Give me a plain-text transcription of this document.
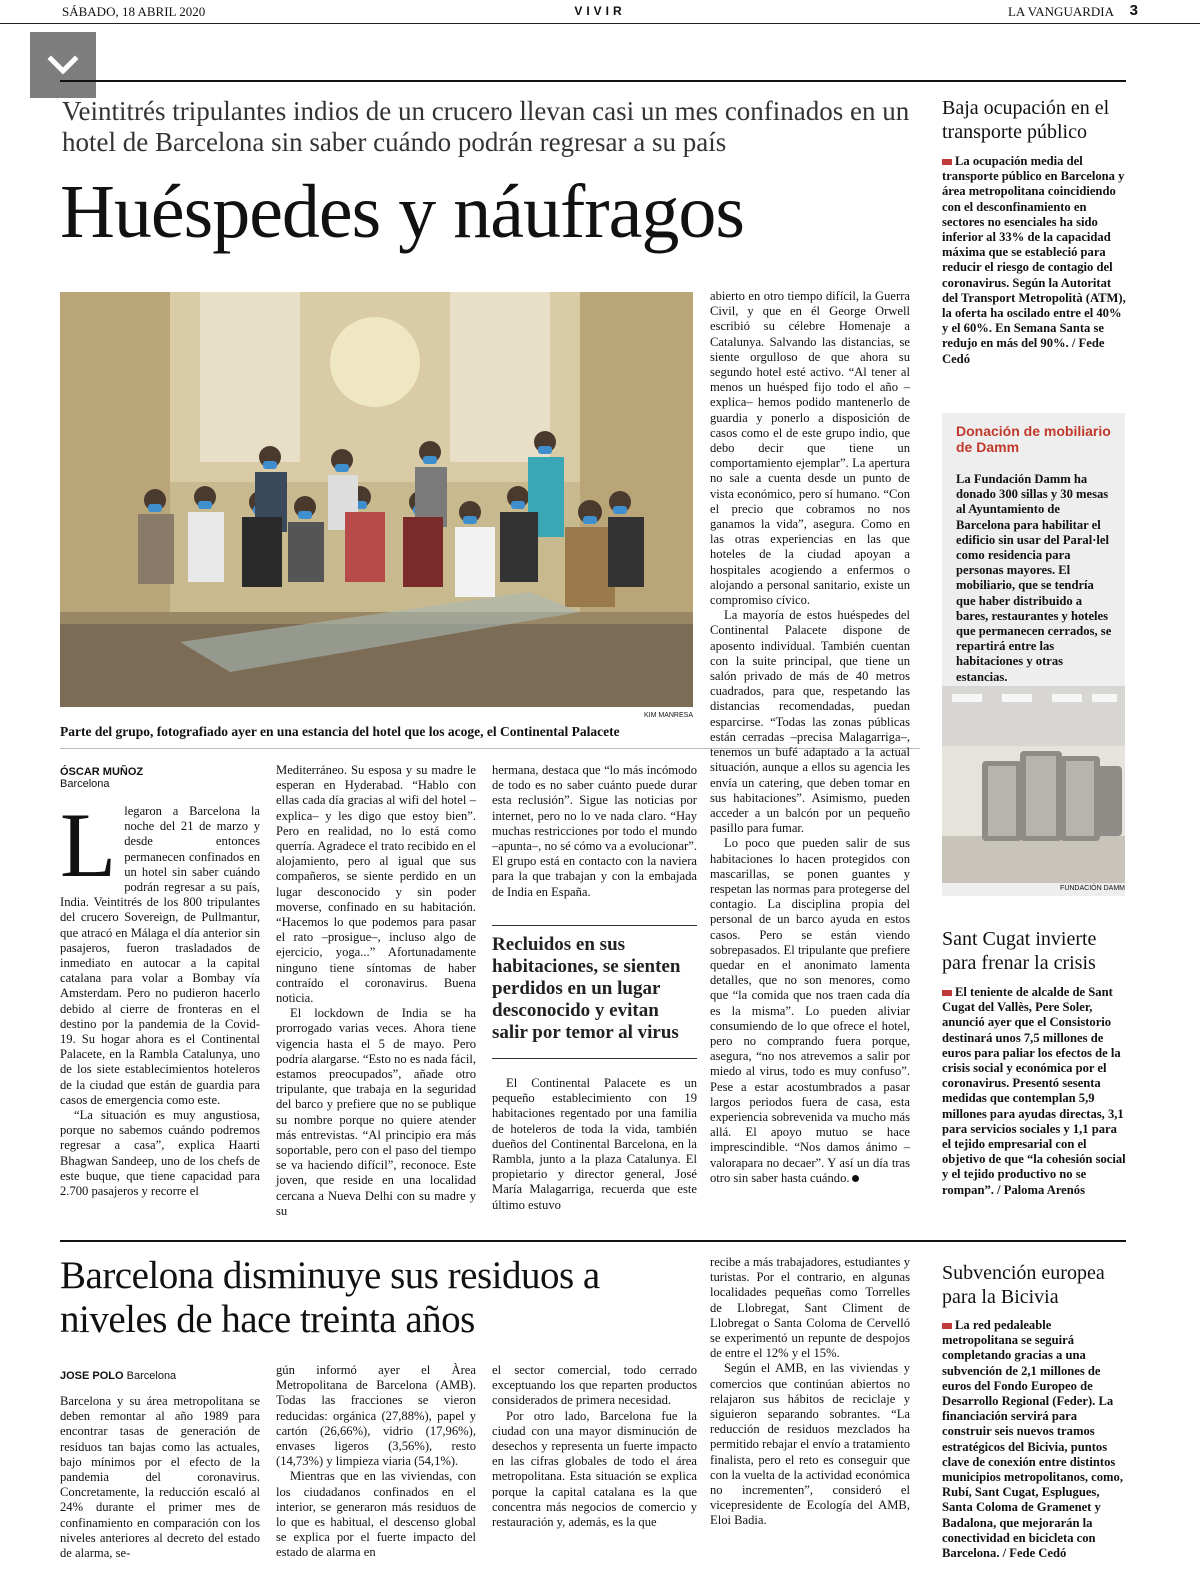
SÁBADO, 18 ABRIL 2020	VIVIR	LA VANGUARDIA 3
Veintitrés tripulantes indios de un crucero llevan casi un mes confinados en un hotel de Barcelona sin saber cuándo podrán regresar a su país
Huéspedes y náufragos
KIM MANRESA
Parte del grupo, fotografiado ayer en una estancia del hotel que los acoge, el Continental Palacete
ÓSCAR MUÑOZ
Barcelona
L legaron a Barcelona la noche del 21 de marzo y desde entonces permanecen confinados en un hotel sin saber cuándo podrán regresar a su país, India. Veintitrés de los 800 tripulantes del crucero Sovereign, de Pullmantur, que atracó en Málaga el día anterior sin pasajeros, fueron trasladados de inmediato en autocar a la capital catalana para volar a Bombay vía Amsterdam. Pero no pudieron hacerlo debido al cierre de fronteras en el destino por la pandemia de la Covid-19. Su hogar ahora es el Continental Palacete, en la Rambla Catalunya, uno de los siete establecimientos hoteleros de la ciudad que están de guardia para casos de emergencia como este.

“La situación es muy angustiosa, porque no sabemos cuándo podremos regresar a casa”, explica Haarti Bhagwan Sandeep, uno de los chefs de este buque, que tiene capacidad para 2.700 pasajeros y recorre el

Mediterráneo. Su esposa y su madre le esperan en Hyderabad. “Hablo con ellas cada día gracias al wifi del hotel –explica– y les digo que estoy bien”. Pero en realidad, no lo está como querría. Agradece el trato recibido en el alojamiento, pero al igual que sus compañeros, se siente perdido en un lugar desconocido y sin poder moverse, confinado en su habitación. “Hacemos lo que podemos para pasar el rato –prosigue–, incluso algo de ejercicio, yoga...” Afortunadamente ninguno tiene síntomas de haber contraído el coronavirus. Buena noticia.

El lockdown de India se ha prorrogado varias veces. Ahora tiene vigencia hasta el 5 de mayo. Pero podría alargarse. “Esto no es nada fácil, estamos preocupados”, añade otro tripulante, que trabaja en la seguridad del barco y prefiere que no se publique su nombre porque no quiere atender más entrevistas. “Al principio era más soportable, pero con el paso del tiempo se va haciendo difícil”, reconoce. Este joven, que reside en una localidad cercana a Nueva Delhi con su madre y su

hermana, destaca que “lo más incómodo de todo es no saber cuánto puede durar esta reclusión”. Sigue las noticias por internet, pero no lo ve nada claro. “Hay muchas restricciones por todo el mundo –apunta–, no sé cómo va a evolucionar”. El grupo está en contacto con la naviera para la que trabajan y con la embajada de India en España.

Recluidos en sus habitaciones, se sienten perdidos en un lugar desconocido y evitan salir por temor al virus

El Continental Palacete es un pequeño establecimiento con 19 habitaciones regentado por una familia de hoteleros de toda la vida, también dueños del Continental Barcelona, en la Rambla, junto a la plaza Catalunya. El propietario y director general, José María Malagarriga, recuerda que este último estuvo

abierto en otro tiempo difícil, la Guerra Civil, y que en él George Orwell escribió su célebre Homenaje a Catalunya. Salvando las distancias, se siente orgulloso de que ahora su segundo hotel esté activo. “Al tener al menos un huésped fijo todo el año –explica– hemos podido mantenerlo de guardia y ponerlo a disposición de casos como el de este grupo indio, que debo decir que tiene un comportamiento ejemplar”. La apertura no sale a cuenta desde un punto de vista económico, pero sí humano. “Con el precio que cobramos no nos ganamos la vida”, asegura. Como en las otras experiencias en las que hoteles de la ciudad apoyan a hospitales acogiendo a enfermos o alojando a personal sanitario, existe un compromiso cívico.

La mayoría de estos huéspedes del Continental Palacete dispone de aposento individual. También cuentan con la suite principal, que tiene un salón privado de más de 40 metros cuadrados, para que, respetando las distancias recomendadas, puedan esparcirse. “Todas las zonas públicas están cerradas –precisa Malagarriga–, tenemos un bufé adaptado a la actual situación, aunque a ellos su agencia les envía un catering, que deben tomar en sus habitaciones”. Asimismo, pueden acceder a un balcón por un pequeño pasillo para fumar.

Lo poco que pueden salir de sus habitaciones lo hacen protegidos con mascarillas, se ponen guantes y respetan las normas para protegerse del contagio. La disciplina propia del personal de un barco ayuda en estos casos. Pero se están viendo sobrepasados. El tripulante que prefiere quedar en el anonimato lamenta detalles, que no son menores, como que “la comida que nos traen cada día es la misma”. Lo pueden aliviar consumiendo de lo que ofrece el hotel, pero no comprando fuera porque, asegura, “no nos atrevemos a salir por miedo al virus, todo es muy confuso”. Pese a estar acostumbrados a pasar largos periodos fuera de casa, esta experiencia sobrevenida va mucho más allá. El apoyo mutuo se hace imprescindible. “Nos damos ánimo –valorapara no decaer”. Y así un día tras otro sin saber hasta cuándo.

Barcelona disminuye sus residuos a niveles de hace treinta años
JOSE POLO Barcelona

Barcelona y su área metropolitana se deben remontar al año 1989 para encontrar tasas de generación de residuos tan bajas como las actuales, bajo mínimos por el efecto de la pandemia del coronavirus. Concretamente, la reducción escaló al 24% durante el primer mes de confinamiento en comparación con los niveles anteriores al decreto del estado de alarma, se-

gún informó ayer el Àrea Metropolitana de Barcelona (AMB). Todas las fracciones se vieron reducidas: orgánica (27,88%), papel y cartón (26,66%), vidrio (17,96%), envases ligeros (3,56%), resto (14,73%) y limpieza viaria (54,1%).

Mientras que en las viviendas, con los ciudadanos confinados en el interior, se generaron más residuos de lo que es habitual, el descenso global se explica por el fuerte impacto del estado de alarma en

el sector comercial, todo cerrado exceptuando los que reparten productos considerados de primera necesidad.

Por otro lado, Barcelona fue la ciudad con una mayor disminución de desechos y representa un fuerte impacto en las cifras globales de todo el área metropolitana. Esta situación se explica porque la capital catalana es la que concentra más negocios de comercio y restauración y, además, es la que

recibe a más trabajadores, estudiantes y turistas. Por el contrario, en algunas localidades pequeñas como Torrelles de Llobregat, Sant Climent de Llobregat o Santa Coloma de Cervelló se experimentó un repunte de despojos de entre el 12% y el 15%.

Según el AMB, en las viviendas y comercios que continúan abiertos no relajaron sus hábitos de reciclaje y siguieron separando sobrantes. “La reducción de residuos mezclados ha permitido rebajar el envío a tratamiento finalista, pero el reto es conseguir que con la vuelta de la actividad económica no incrementen”, consideró el vicepresidente de Ecología del AMB, Eloi Badia.

Baja ocupación en el transporte público
La ocupación media del transporte público en Barcelona y área metropolitana coincidiendo con el desconfinamiento en sectores no esenciales ha sido inferior al 33% de la capacidad máxima que se estableció para reducir el riesgo de contagio del coronavirus. Según la Autoritat del Transport Metropolità (ATM), la oferta ha oscilado entre el 40% y el 60%. En Semana Santa se redujo en más del 90%. / Fede Cedó
Donación de mobiliario de Damm
La Fundación Damm ha donado 300 sillas y 30 mesas al Ayuntamiento de Barcelona para habilitar el edificio sin usar del Paral·lel como residencia para personas mayores. El mobiliario, que se tendría que haber distribuido a bares, restaurantes y hoteles que permanecen cerrados, se repartirá entre las habitaciones y otras estancias.
FUNDACIÓN DAMM
Sant Cugat invierte para frenar la crisis
El teniente de alcalde de Sant Cugat del Vallès, Pere Soler, anunció ayer que el Consistorio destinará unos 7,5 millones de euros para paliar los efectos de la crisis social y económica por el coronavirus. Presentó sesenta medidas que contemplan 5,9 millones para ayudas directas, 3,1 para servicios sociales y 1,1 para el tejido empresarial con el objetivo de que “la cohesión social y el tejido productivo no se rompan”. / Paloma Arenós
Subvención europea para la Bicivia
La red pedaleable metropolitana se seguirá completando gracias a una subvención de 2,1 millones de euros del Fondo Europeo de Desarrollo Regional (Feder). La financiación servirá para construir seis nuevos tramos estratégicos del Bicivia, puntos clave de conexión entre distintos municipios metropolitanos, como, Rubí, Sant Cugat, Esplugues, Santa Coloma de Gramenet y Badalona, que mejorarán la conectividad en bicicleta con Barcelona. / Fede Cedó
